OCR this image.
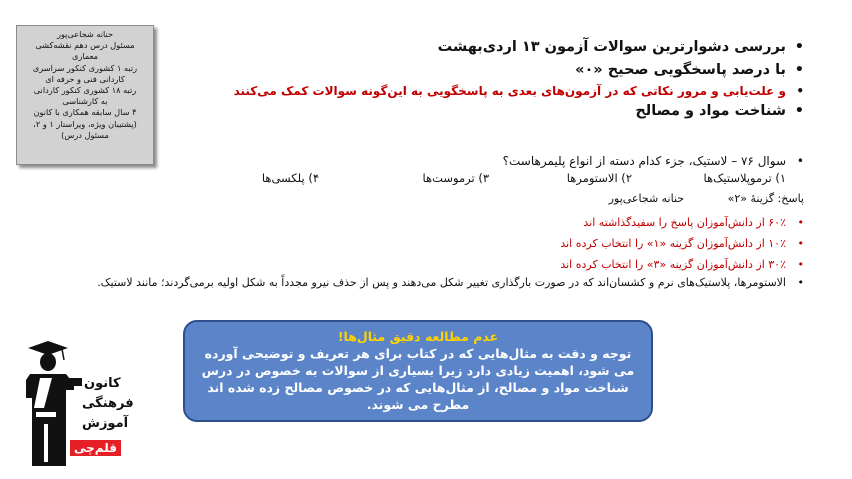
حنانه شجاعی‌پور
مسئول درس دهم نقشه‌کشی
معماری
رتبه ۱ کشوری کنکور سراسری
کاردانی فنی و حرفه ای
رتبه ۱۸ کشوری کنکور کاردانی
به کارشناسی
۴ سال سابقه همکاری با کانون
(پشتیبان ویژه، ویراستار ۱ و ۲،
مسئول درس)
• بررسی دشوارترین سوالات آزمون ۱۳ اردی‌بهشت
• با درصد پاسخگویی صحیح «۰»
• و علت‌یابی و مرور نکاتی که در آزمون‌های بعدی به پاسخگویی به این‌گونه سوالات کمک می‌کنند
• شناخت مواد و مصالح
•
سوال ۷۶ – لاستیک، جزء کدام دسته از انواع پلیمرهاست؟
۱) ترموپلاستیک‌ها
۲) الاستومرها
۳) ترموست‌ها
۴) پلکسی‌ها
پاسخ: گزینۀ «۲» حنانه شجاعی‌پور
• ۶۰٪ از دانش‌آموزان پاسخ را سفیدگذاشته اند
• ۱۰٪ از دانش‌آموزان گزینه «۱» را انتخاب کرده اند
• ۳۰٪ از دانش‌آموزان گزینه «۳» را انتخاب کرده اند
• الاستومرها، پلاستیک‌های نرم و کشسان‌اند که در صورت بارگذاری تغییر شکل می‌دهند و پس از حذف نیرو مجدداً به شکل اولیه برمی‌گردند؛ مانند لاستیک.
عدم مطالعه دقیق مثال‌ها!
توجه و دقت به مثال‌هایی که در کتاب برای هر تعریف و توضیحی آورده می شود، اهمیت زیادی دارد زیرا بسیاری از سوالات به خصوص در درس شناخت مواد و مصالح، از مثال‌هایی که در خصوص مصالح زده شده اند مطرح می شوند.
کانون
فرهنگی
آموزش
قلم‌چی
